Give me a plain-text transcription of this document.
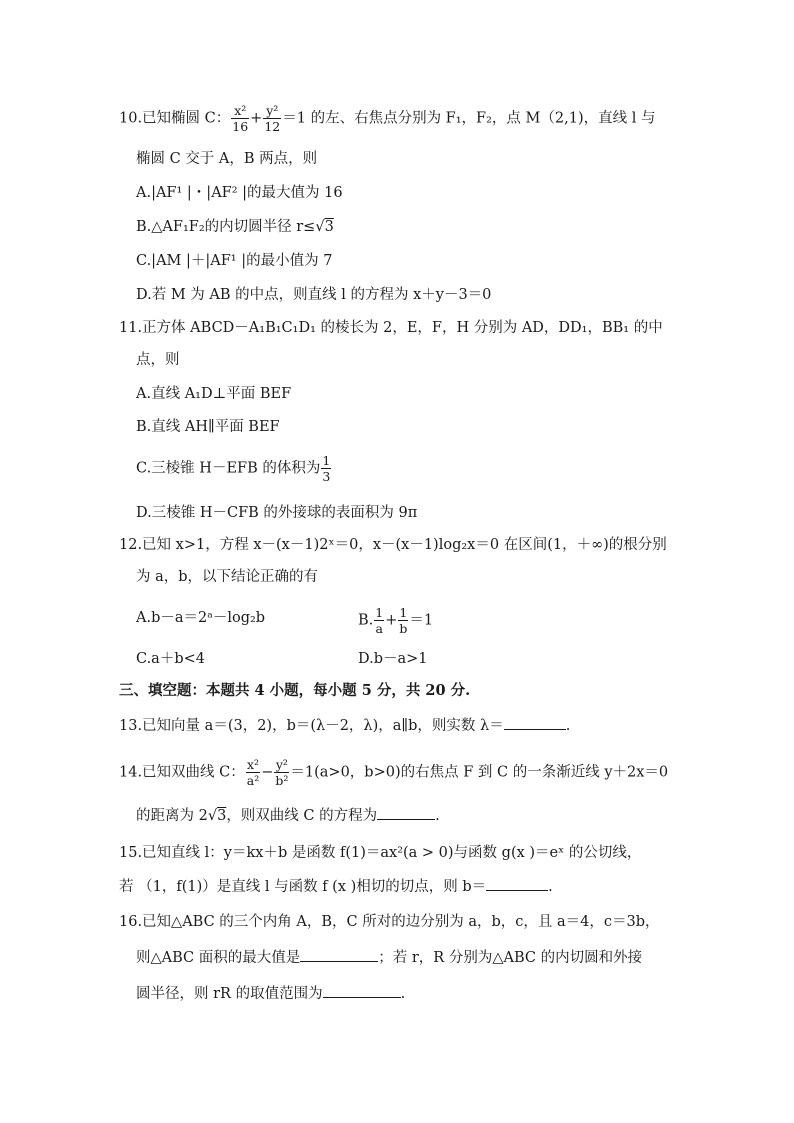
10.已知椭圆 C： $\frac{\text{x²}}{16} + \frac{\text{y²}}{12} =1$ 的左、右焦点分别为 F₁，F₂，点 M（2,1)，直线 l 与
椭圆 C 交于 A，B 两点，则
A.|AF¹ |・|AF² |的最大值为 16
B.△AF₁F₂的内切圆半径 r≤√3
C.|AM |＋|AF¹ |的最小值为 7
D.若 M 为 AB 的中点，则直线 l 的方程为 x＋y－3＝0
11.正方体 ABCD－A₁B₁C₁D₁ 的棱长为 2，E，F，H 分别为 AD，DD₁，BB₁ 的中
点，则
A.直线 A₁D⊥平面 BEF
B.直线 AH∥平面 BEF
C.三棱锥 H－EFB 的体积为 $\frac{1}{3}$
D.三棱锥 H－CFB 的外接球的表面积为 9π
12.已知 x>1，方程 x－(x－1)2ˣ＝0，x－(x－1)log₂x＝0 在区间(1，＋∞)的根分别
为 a，b，以下结论正确的有
A.b－a＝2ᵃ－log₂b	B. $\frac{1}{a} + \frac{1}{b} =1$
C.a＋b<4	D.b－a>1
三、填空题：本题共 4 小题，每小题 5 分，共 20 分.
13.已知向量 a＝(3，2)，b＝(λ－2，λ)，a∥b，则实数 λ＝	.
14.已知双曲线 C： $\frac{\text{x²}}{\text{a²}} - \frac{\text{y²}}{\text{b²}} =1(a>0$，b>0)的右焦点 F 到 C 的一条渐近线 y＋2x＝0
的距离为 2√3，则双曲线 C 的方程为	.
15.已知直线 l：y＝kx＋b 是函数 f(1)＝ax²(a > 0)与函数 g(x )＝eˣ 的公切线，
若 （1，f(1)）是直线 l 与函数 f (x )相切的切点，则 b＝	.
16.已知△ABC 的三个内角 A，B，C 所对的边分别为 a，b，c，且 a＝4，c＝3b，
则△ABC 面积的最大值是	；若 r，R 分别为△ABC 的内切圆和外接
圆半径，则 rR 的取值范围为	.
